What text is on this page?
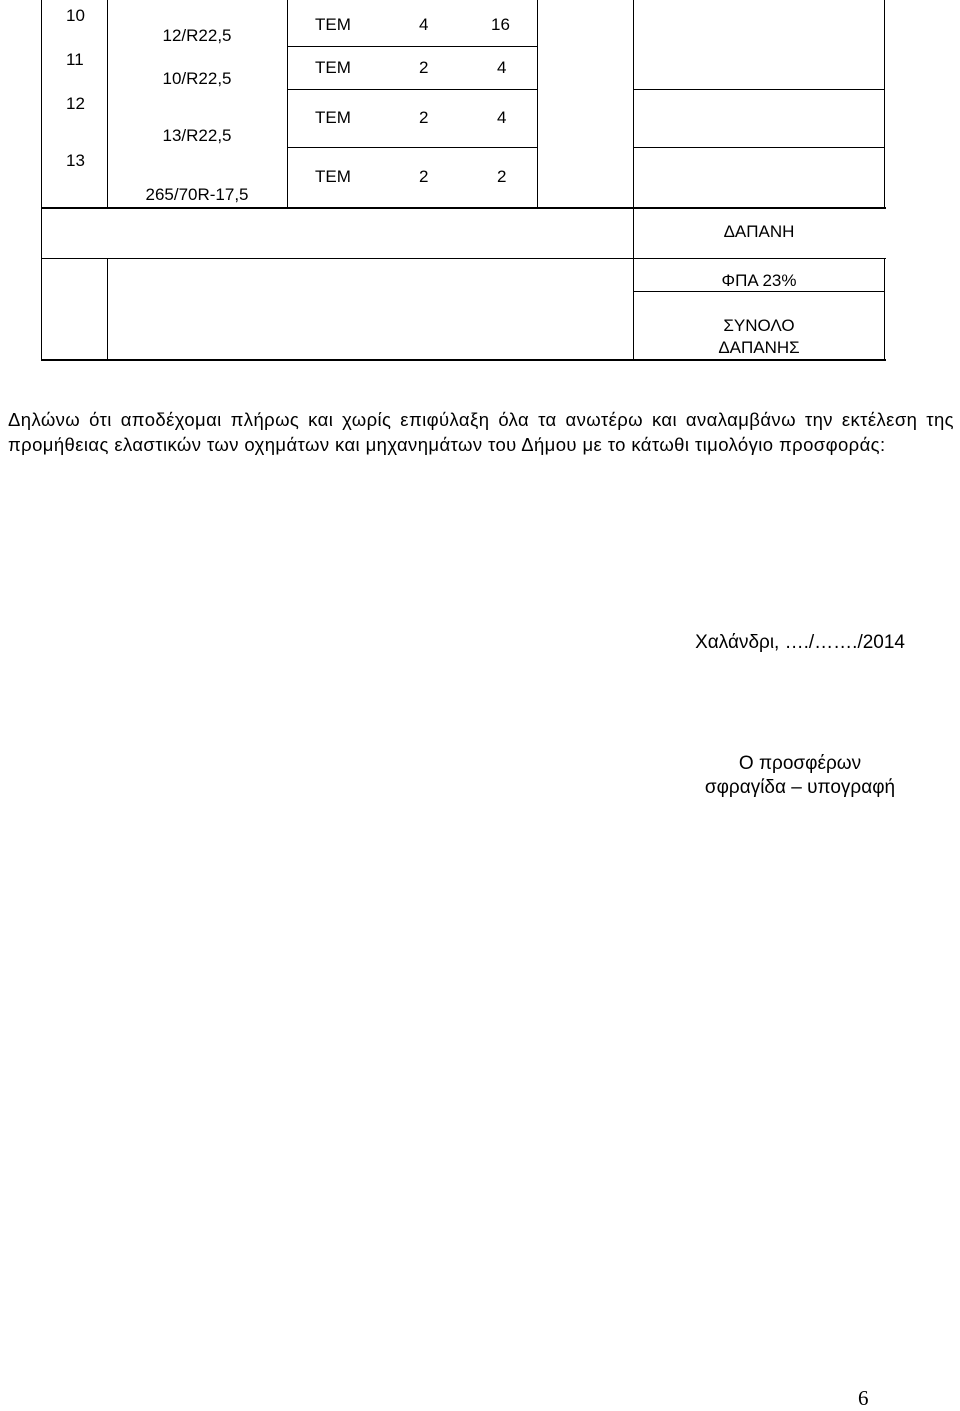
10
11
12
13
12/R22,5
10/R22,5
13/R22,5
265/70R-17,5
ΤΕΜ
ΤΕΜ
ΤΕΜ
ΤΕΜ
4
2
2
2
16
4
4
2
ΔΑΠΑΝΗ
ΦΠΑ 23%
ΣΥΝΟΛΟ
ΔΑΠΑΝΗΣ
Δηλώνω ότι αποδέχομαι πλήρως και χωρίς επιφύλαξη όλα τα ανωτέρω και αναλαμβάνω την εκτέλεση της προμήθειας ελαστικών των οχημάτων και μηχανημάτων του Δήμου με το κάτωθι τιμολόγιο προσφοράς:
Χαλάνδρι, …./……./2014
Ο προσφέρων
σφραγίδα – υπογραφή
6
